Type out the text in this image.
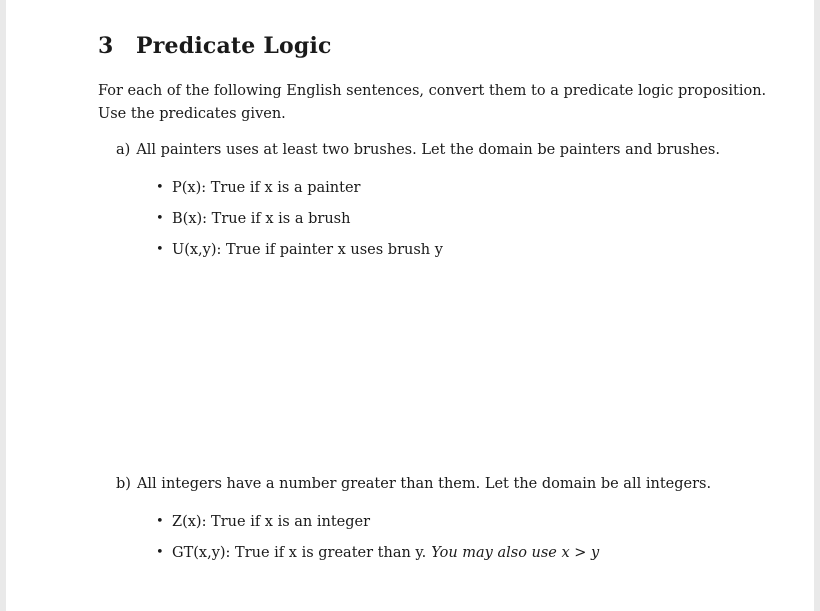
3 Predicate Logic
For each of the following English sentences, convert them to a predicate logic proposition.
Use the predicates given.
a) All painters uses at least two brushes. Let the domain be painters and brushes.
• P(x): True if x is a painter
• B(x): True if x is a brush
• U(x,y): True if painter x uses brush y
b) All integers have a number greater than them. Let the domain be all integers.
• Z(x): True if x is an integer
• GT(x,y): True if x is greater than y. You may also use x > y
